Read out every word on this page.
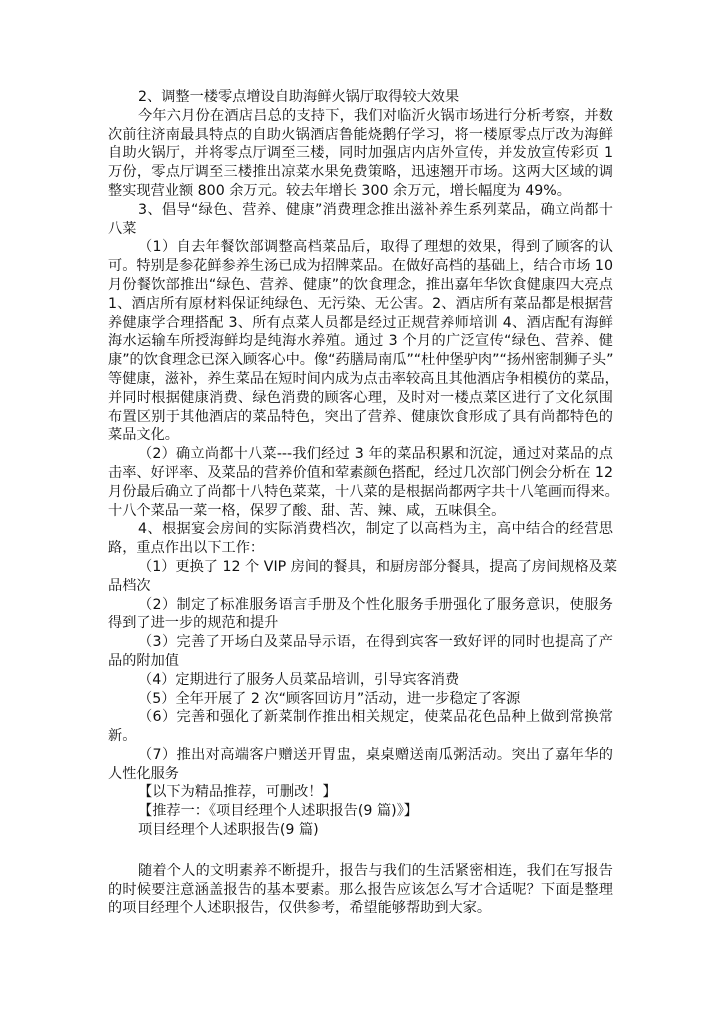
2、调整一楼零点增设自助海鲜火锅厅取得较大效果
今年六月份在酒店吕总的支持下，我们对临沂火锅市场进行分析考察，并数
次前往济南最具特点的自助火锅酒店鲁能烧鹅仔学习，将一楼原零点厅改为海鲜
自助火锅厅，并将零点厅调至三楼，同时加强店内店外宣传，并发放宣传彩页 1
万份，零点厅调至三楼推出凉菜水果免费策略，迅速翘开市场。这两大区域的调
整实现营业额 800 余万元。较去年增长 300 余万元，增长幅度为 49%。
3、倡导“绿色、营养、健康”消费理念推出滋补养生系列菜品，确立尚都十
八菜
（1）自去年餐饮部调整高档菜品后，取得了理想的效果，得到了顾客的认
可。特别是参花鲜参养生汤已成为招牌菜品。在做好高档的基础上，结合市场 10
月份餐饮部推出“绿色、营养、健康”的饮食理念，推出嘉年华饮食健康四大亮点
1、酒店所有原材料保证纯绿色、无污染、无公害。2、酒店所有菜品都是根据营
养健康学合理搭配 3、所有点菜人员都是经过正规营养师培训 4、酒店配有海鲜
海水运输车所授海鲜均是纯海水养殖。通过 3 个月的广泛宣传“绿色、营养、健
康”的饮食理念已深入顾客心中。像“药膳局南瓜”“杜仲堡驴肉”“扬州密制狮子头”
等健康，滋补，养生菜品在短时间内成为点击率较高且其他酒店争相模仿的菜品，
并同时根据健康消费、绿色消费的顾客心理，及时对一楼点菜区进行了文化氛围
布置区别于其他酒店的菜品特色，突出了营养、健康饮食形成了具有尚都特色的
菜品文化。
（2）确立尚都十八菜---我们经过 3 年的菜品积累和沉淀，通过对菜品的点
击率、好评率、及菜品的营养价值和荤素颜色搭配，经过几次部门例会分析在 12
月份最后确立了尚都十八特色菜菜，十八菜的是根据尚都两字共十八笔画而得来。
十八个菜品一菜一格，保罗了酸、甜、苦、辣、咸，五味俱全。
4、根据宴会房间的实际消费档次，制定了以高档为主，高中结合的经营思
路，重点作出以下工作：
（1）更换了 12 个 VIP 房间的餐具，和厨房部分餐具，提高了房间规格及菜
品档次
（2）制定了标准服务语言手册及个性化服务手册强化了服务意识，使服务
得到了进一步的规范和提升
（3）完善了开场白及菜品导示语，在得到宾客一致好评的同时也提高了产
品的附加值
（4）定期进行了服务人员菜品培训，引导宾客消费
（5）全年开展了 2 次“顾客回访月”活动，进一步稳定了客源
（6）完善和强化了新菜制作推出相关规定，使菜品花色品种上做到常换常
新。
（7）推出对高端客户赠送开胃盅，桌桌赠送南瓜粥活动。突出了嘉年华的
人性化服务
【以下为精品推荐，可删改！】
【推荐一：《项目经理个人述职报告(9 篇)》】
项目经理个人述职报告(9 篇)
随着个人的文明素养不断提升，报告与我们的生活紧密相连，我们在写报告
的时候要注意涵盖报告的基本要素。那么报告应该怎么写才合适呢？下面是整理
的项目经理个人述职报告，仅供参考，希望能够帮助到大家。
